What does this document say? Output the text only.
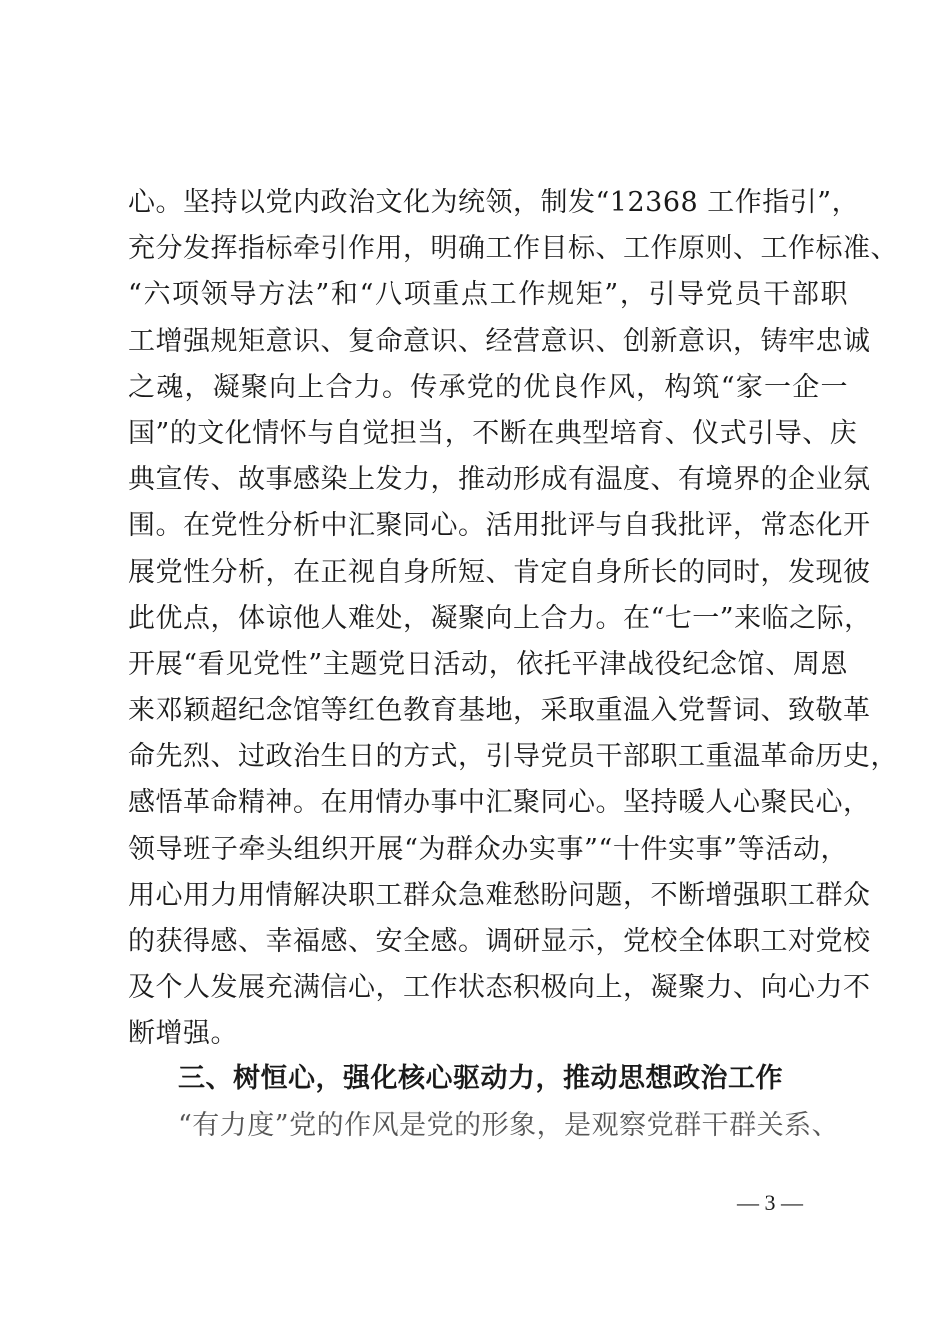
心。坚持以党内政治文化为统领，制发“12368 工作指引”，
充分发挥指标牵引作用，明确工作目标、工作原则、工作标准、
“六项领导方法”和“八项重点工作规矩”，引导党员干部职
工增强规矩意识、复命意识、经营意识、创新意识，铸牢忠诚
之魂，凝聚向上合力。传承党的优良作风，构筑“家一企一
国”的文化情怀与自觉担当，不断在典型培育、仪式引导、庆
典宣传、故事感染上发力，推动形成有温度、有境界的企业氛
围。在党性分析中汇聚同心。活用批评与自我批评，常态化开
展党性分析，在正视自身所短、肯定自身所长的同时，发现彼
此优点，体谅他人难处，凝聚向上合力。在“七一”来临之际，
开展“看见党性”主题党日活动，依托平津战役纪念馆、周恩
来邓颖超纪念馆等红色教育基地，采取重温入党誓词、致敬革
命先烈、过政治生日的方式，引导党员干部职工重温革命历史，
感悟革命精神。在用情办事中汇聚同心。坚持暖人心聚民心，
领导班子牵头组织开展“为群众办实事”“十件实事”等活动，
用心用力用情解决职工群众急难愁盼问题，不断增强职工群众
的获得感、幸福感、安全感。调研显示，党校全体职工对党校
及个人发展充满信心，工作状态积极向上，凝聚力、向心力不
断增强。
三、树恒心，强化核心驱动力，推动思想政治工作
“有力度”党的作风是党的形象，是观察党群干群关系、
— 3 —
